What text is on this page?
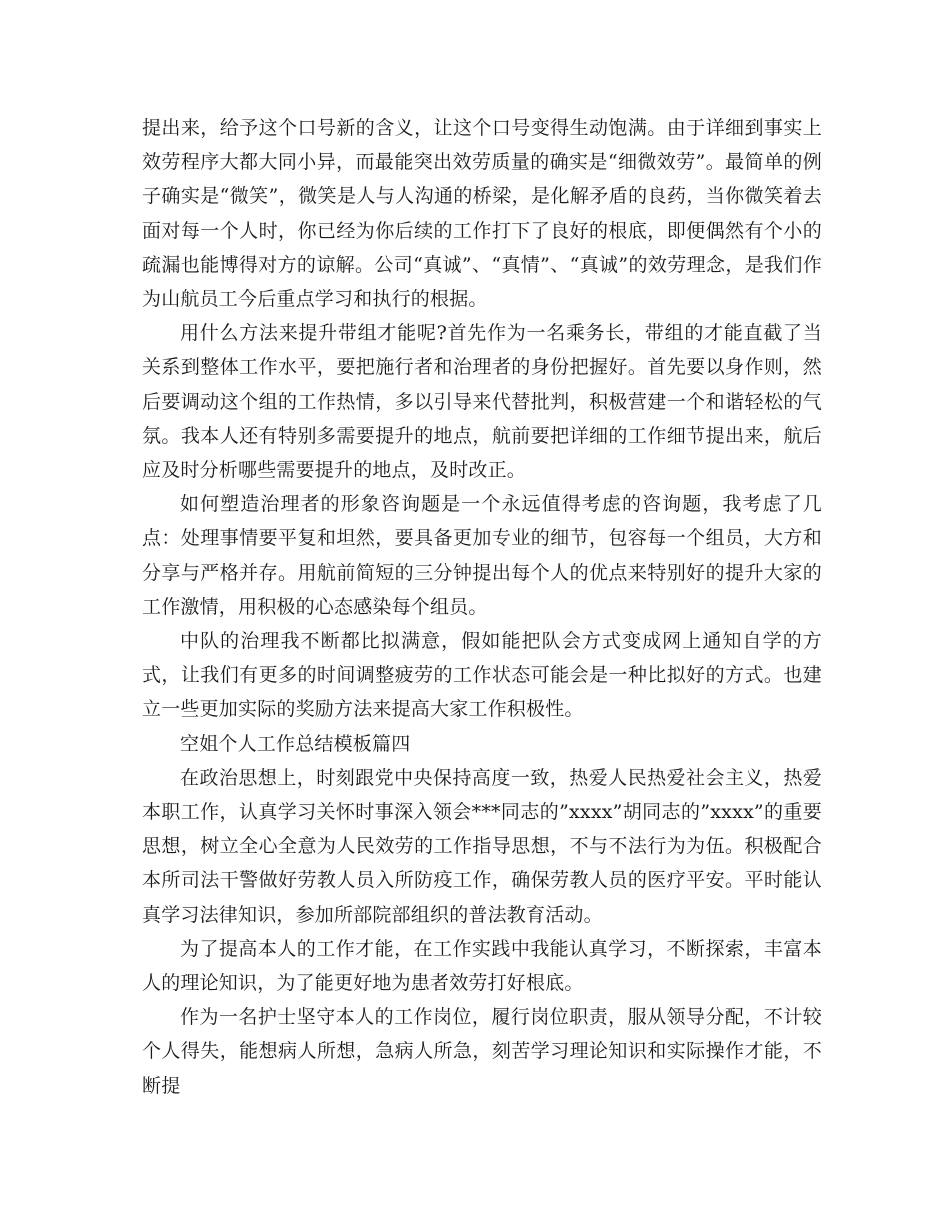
提出来，给予这个口号新的含义，让这个口号变得生动饱满。由于详细到事实上效劳程序大都大同小异，而最能突出效劳质量的确实是“细微效劳”。最简单的例子确实是“微笑”，微笑是人与人沟通的桥梁，是化解矛盾的良药，当你微笑着去面对每一个人时，你已经为你后续的工作打下了良好的根底，即便偶然有个小的疏漏也能博得对方的谅解。公司“真诚”、“真情”、“真诚”的效劳理念，是我们作为山航员工今后重点学习和执行的根据。

用什么方法来提升带组才能呢?首先作为一名乘务长，带组的才能直截了当关系到整体工作水平，要把施行者和治理者的身份把握好。首先要以身作则，然后要调动这个组的工作热情，多以引导来代替批判，积极营建一个和谐轻松的气氛。我本人还有特别多需要提升的地点，航前要把详细的工作细节提出来，航后应及时分析哪些需要提升的地点，及时改正。

如何塑造治理者的形象咨询题是一个永远值得考虑的咨询题，我考虑了几点：处理事情要平复和坦然，要具备更加专业的细节，包容每一个组员，大方和分享与严格并存。用航前简短的三分钟提出每个人的优点来特别好的提升大家的工作激情，用积极的心态感染每个组员。

中队的治理我不断都比拟满意，假如能把队会方式变成网上通知自学的方式，让我们有更多的时间调整疲劳的工作状态可能会是一种比拟好的方式。也建立一些更加实际的奖励方法来提高大家工作积极性。

空姐个人工作总结模板篇四

在政治思想上，时刻跟党中央保持高度一致，热爱人民热爱社会主义，热爱本职工作，认真学习关怀时事深入领会***同志的”xxxx”胡同志的”xxxx”的重要思想，树立全心全意为人民效劳的工作指导思想，不与不法行为为伍。积极配合本所司法干警做好劳教人员入所防疫工作，确保劳教人员的医疗平安。平时能认真学习法律知识，参加所部院部组织的普法教育活动。

为了提高本人的工作才能，在工作实践中我能认真学习，不断探索，丰富本人的理论知识，为了能更好地为患者效劳打好根底。

作为一名护士坚守本人的工作岗位，履行岗位职责，服从领导分配，不计较个人得失，能想病人所想，急病人所急，刻苦学习理论知识和实际操作才能，不断提
